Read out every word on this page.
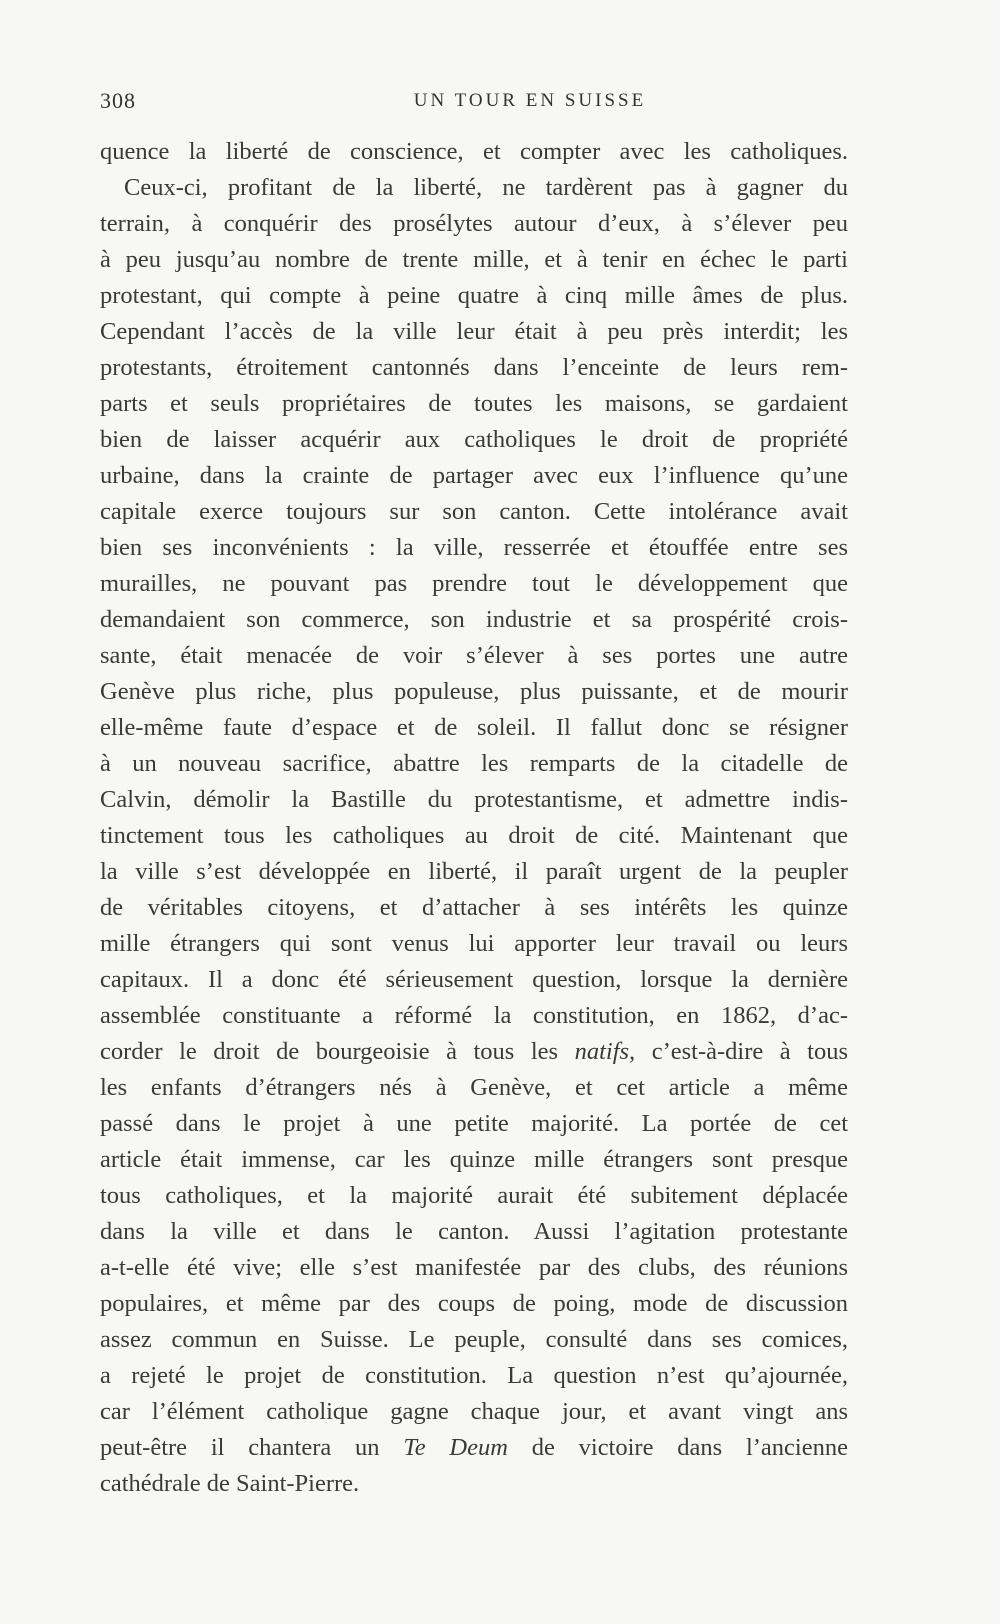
308	UN TOUR EN SUISSE
quence la liberté de conscience, et compter avec les catholiques.
Ceux-ci, profitant de la liberté, ne tardèrent pas à gagner du
terrain, à conquérir des prosélytes autour d’eux, à s’élever peu
à peu jusqu’au nombre de trente mille, et à tenir en échec le parti
protestant, qui compte à peine quatre à cinq mille âmes de plus.
Cependant l’accès de la ville leur était à peu près interdit; les
protestants, étroitement cantonnés dans l’enceinte de leurs rem-
parts et seuls propriétaires de toutes les maisons, se gardaient
bien de laisser acquérir aux catholiques le droit de propriété
urbaine, dans la crainte de partager avec eux l’influence qu’une
capitale exerce toujours sur son canton. Cette intolérance avait
bien ses inconvénients : la ville, resserrée et étouffée entre ses
murailles, ne pouvant pas prendre tout le développement que
demandaient son commerce, son industrie et sa prospérité crois-
sante, était menacée de voir s’élever à ses portes une autre
Genève plus riche, plus populeuse, plus puissante, et de mourir
elle-même faute d’espace et de soleil. Il fallut donc se résigner
à un nouveau sacrifice, abattre les remparts de la citadelle de
Calvin, démolir la Bastille du protestantisme, et admettre indis-
tinctement tous les catholiques au droit de cité. Maintenant que
la ville s’est développée en liberté, il paraît urgent de la peupler
de véritables citoyens, et d’attacher à ses intérêts les quinze
mille étrangers qui sont venus lui apporter leur travail ou leurs
capitaux. Il a donc été sérieusement question, lorsque la dernière
assemblée constituante a réformé la constitution, en 1862, d’ac-
corder le droit de bourgeoisie à tous les natifs, c’est-à-dire à tous
les enfants d’étrangers nés à Genève, et cet article a même
passé dans le projet à une petite majorité. La portée de cet
article était immense, car les quinze mille étrangers sont presque
tous catholiques, et la majorité aurait été subitement déplacée
dans la ville et dans le canton. Aussi l’agitation protestante
a-t-elle été vive; elle s’est manifestée par des clubs, des réunions
populaires, et même par des coups de poing, mode de discussion
assez commun en Suisse. Le peuple, consulté dans ses comices,
a rejeté le projet de constitution. La question n’est qu’ajournée,
car l’élément catholique gagne chaque jour, et avant vingt ans
peut-être il chantera un Te Deum de victoire dans l’ancienne
cathédrale de Saint-Pierre.
